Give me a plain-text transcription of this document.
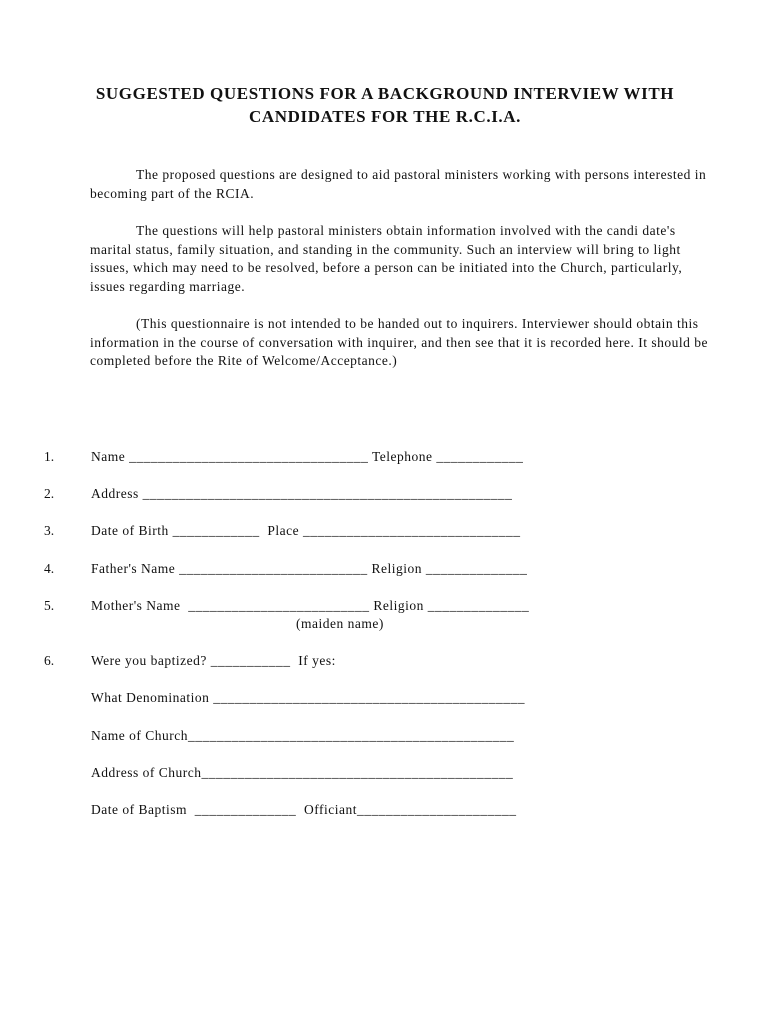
SUGGESTED QUESTIONS FOR A BACKGROUND INTERVIEW WITH
CANDIDATES FOR THE R.C.I.A.
The proposed questions are designed to aid pastoral ministers working with persons interested in becoming part of the RCIA.
The questions will help pastoral ministers obtain information involved with the candi date's marital status, family situation, and standing in the community. Such an interview will bring to light issues, which may need to be resolved, before a person can be initiated into the Church, particularly, issues regarding marriage.
(This questionnaire is not intended to be handed out to inquirers. Interviewer should obtain this information in the course of conversation with inquirer, and then see that it is recorded here. It should be completed before the Rite of Welcome/Acceptance.)
1.	Name _________________________________ Telephone ____________
2.	Address ___________________________________________________
3.	Date of Birth ____________  Place ______________________________
4.	Father's Name __________________________ Religion ______________
5.	Mother's Name  _________________________ Religion ______________
(maiden name)
6.	Were you baptized? ___________  If yes:
What Denomination ___________________________________________
Name of Church_____________________________________________
Address of Church___________________________________________
Date of Baptism  ______________  Officiant______________________
